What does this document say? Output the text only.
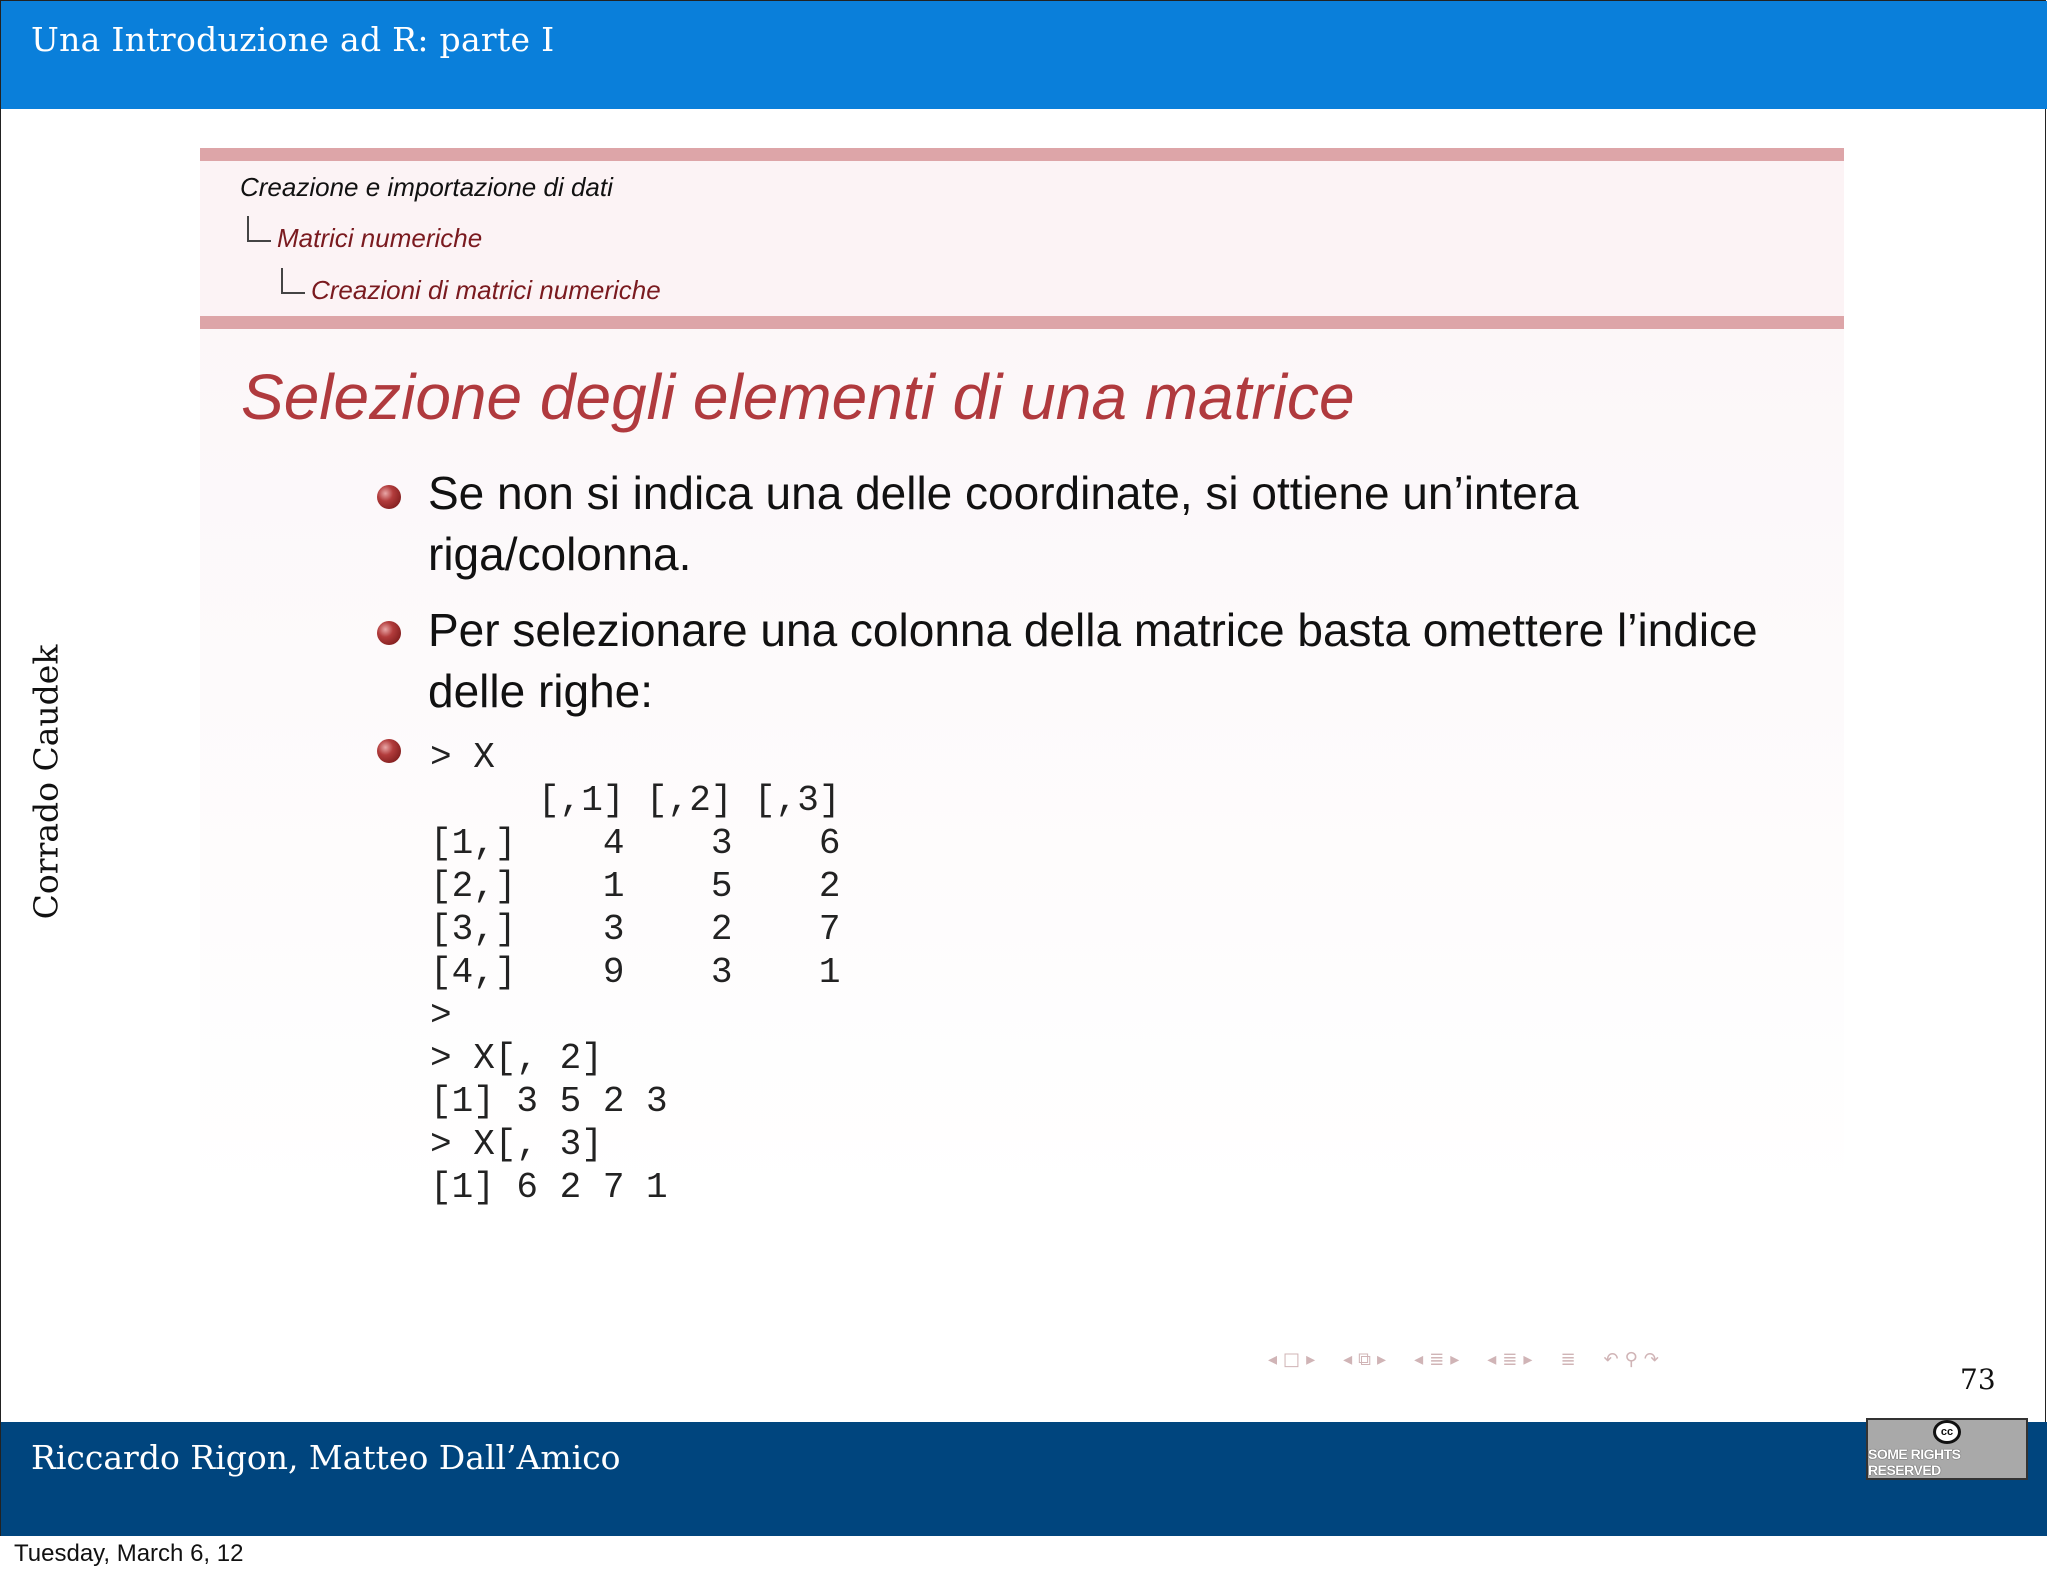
Una Introduzione ad R: parte I
Corrado Caudek
Creazione e importazione di dati
Matrici numeriche
Creazioni di matrici numeriche
Selezione degli elementi di una matrice
Se non si indica una delle coordinate, si ottiene un’intera riga/colonna.
Per selezionare una colonna della matrice basta omettere l’indice delle righe:
> X
[,1] [,2] [,3]
[1,]    4    3    6
[2,]    1    5    2
[3,]    3    2    7
[4,]    9    3    1
>
> X[, 2]
[1] 3 5 2 3
> X[, 3]
[1] 6 2 7 1
◂ □ ▸ ◂ ⧉ ▸ ◂ ≣ ▸ ◂ ≣ ▸ ≣ ↶ ⚲ ↷
73
Riccardo Rigon, Matteo Dall’Amico
cc
SOME RIGHTS RESERVED
Tuesday, March 6, 12
